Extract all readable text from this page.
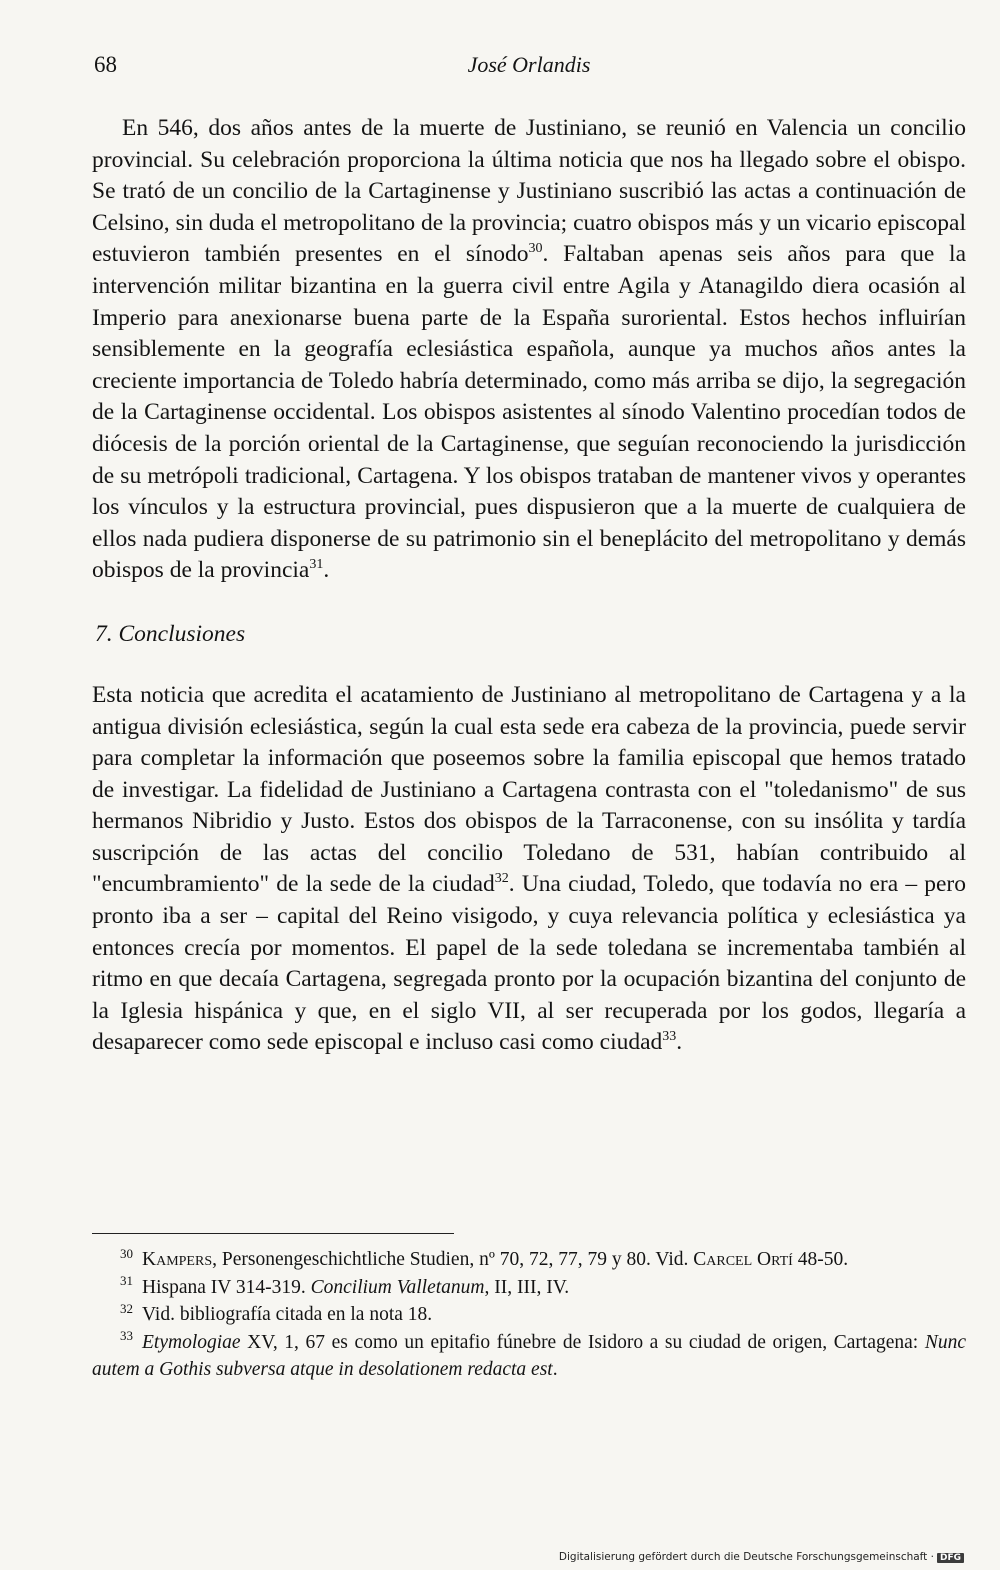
68	José Orlandis

En 546, dos años antes de la muerte de Justiniano, se reunió en Valencia un concilio provincial. Su celebración proporciona la última noticia que nos ha llegado sobre el obispo. Se trató de un concilio de la Cartaginense y Justiniano suscribió las actas a continuación de Celsino, sin duda el metropolitano de la provincia; cuatro obispos más y un vicario episcopal estuvieron también presentes en el sínodo$^{30}$. Faltaban apenas seis años para que la intervención militar bizantina en la guerra civil entre Agila y Atanagildo diera ocasión al Imperio para anexionarse buena parte de la España suroriental. Estos hechos influirían sensiblemente en la geografía eclesiástica española, aunque ya muchos años antes la creciente importancia de Toledo habría determinado, como más arriba se dijo, la segregación de la Cartaginense occidental. Los obispos asistentes al sínodo Valentino procedían todos de diócesis de la porción oriental de la Cartaginense, que seguían reconociendo la jurisdicción de su metrópoli tradicional, Cartagena. Y los obispos trataban de mantener vivos y operantes los vínculos y la estructura provincial, pues dispusieron que a la muerte de cualquiera de ellos nada pudiera disponerse de su patrimonio sin el beneplácito del metropolitano y demás obispos de la provincia$^{31}$.

7. Conclusiones

Esta noticia que acredita el acatamiento de Justiniano al metropolitano de Cartagena y a la antigua división eclesiástica, según la cual esta sede era cabeza de la provincia, puede servir para completar la información que poseemos sobre la familia episcopal que hemos tratado de investigar. La fidelidad de Justiniano a Cartagena contrasta con el "toledanismo" de sus hermanos Nibridio y Justo. Estos dos obispos de la Tarraconense, con su insólita y tardía suscripción de las actas del concilio Toledano de 531, habían contribuido al "encumbramiento" de la sede de la ciudad$^{32}$. Una ciudad, Toledo, que todavía no era – pero pronto iba a ser – capital del Reino visigodo, y cuya relevancia política y eclesiástica ya entonces crecía por momentos. El papel de la sede toledana se incrementaba también al ritmo en que decaía Cartagena, segregada pronto por la ocupación bizantina del conjunto de la Iglesia hispánica y que, en el siglo VII, al ser recuperada por los godos, llegaría a desaparecer como sede episcopal e incluso casi como ciudad$^{33}$.

30 Kampers, Personengeschichtliche Studien, nº 70, 72, 77, 79 y 80. Vid. Carcel Ortí 48-50.

31 Hispana IV 314-319. Concilium Valletanum, II, III, IV.

32 Vid. bibliografía citada en la nota 18.

33 Etymologiae XV, 1, 67 es como un epitafio fúnebre de Isidoro a su ciudad de origen, Cartagena: Nunc autem a Gothis subversa atque in desolationem redacta est.

Digitalisierung gefördert durch die Deutsche Forschungsgemeinschaft · DFG
